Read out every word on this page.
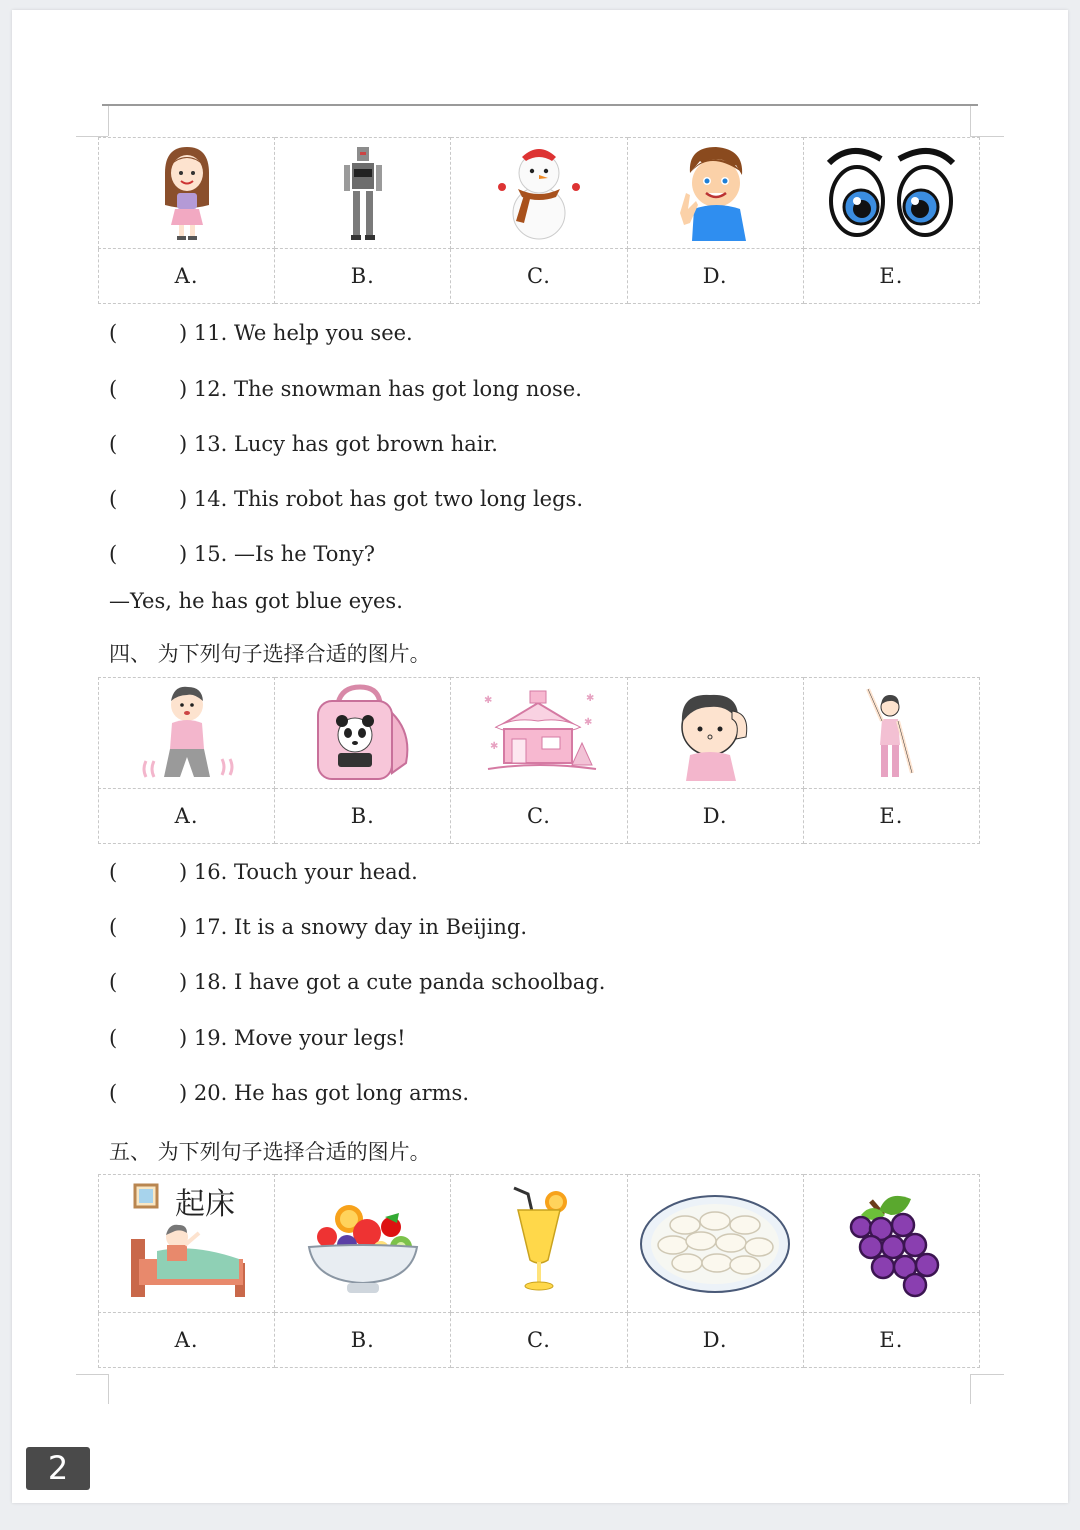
A.	B.	C.	D.	E.
(	) 11. We help you see.
(	) 12. The snowman has got long nose.
(	) 13. Lucy has got brown hair.
(	) 14. This robot has got two long legs.
(	) 15. —Is he Tony?
—Yes, he has got blue eyes.
四、 为下列句子选择合适的图片。

✱ ✱
✱
✱

A.	B.	C.	D.	E.
(	) 16. Touch your head.
(	) 17. It is a snowy day in Beijing.
(	) 18. I have got a cute panda schoolbag.
(	) 19. Move your legs!
(	) 20. He has got long arms.
五、 为下列句子选择合适的图片。
起床

A.	B.	C.	D.	E.
2
